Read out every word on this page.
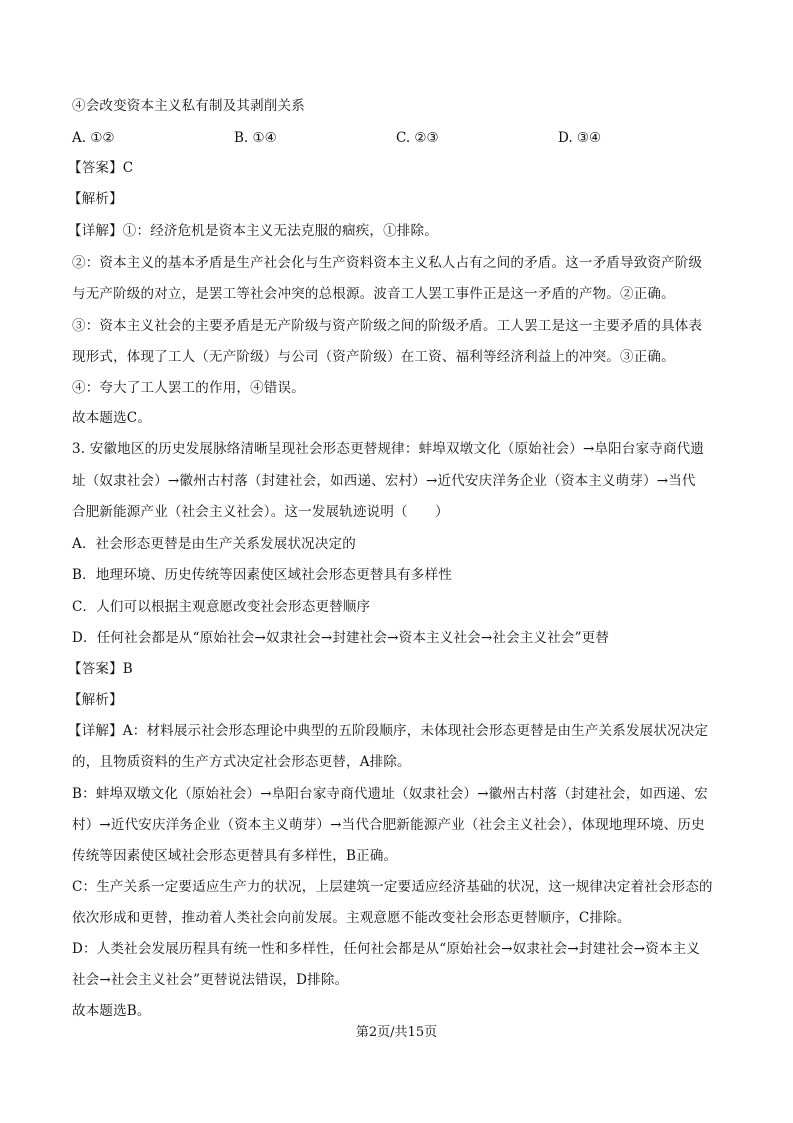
④会改变资本主义私有制及其剥削关系
A. ①②	B. ①④	C. ②③	D. ③④
【答案】C
【解析】
【详解】①：经济危机是资本主义无法克服的痼疾，①排除。
②：资本主义的基本矛盾是生产社会化与生产资料资本主义私人占有之间的矛盾。这一矛盾导致资产阶级
与无产阶级的对立，是罢工等社会冲突的总根源。波音工人罢工事件正是这一矛盾的产物。②正确。
③：资本主义社会的主要矛盾是无产阶级与资产阶级之间的阶级矛盾。工人罢工是这一主要矛盾的具体表
现形式，体现了工人（无产阶级）与公司（资产阶级）在工资、福利等经济利益上的冲突。③正确。
④：夸大了工人罢工的作用，④错误。
故本题选C。
3. 安徽地区的历史发展脉络清晰呈现社会形态更替规律：蚌埠双墩文化（原始社会）→阜阳台家寺商代遗
址（奴隶社会）→徽州古村落（封建社会，如西递、宏村）→近代安庆洋务企业（资本主义萌芽）→当代
合肥新能源产业（社会主义社会）。这一发展轨迹说明（　　）
A．社会形态更替是由生产关系发展状况决定的
B．地理环境、历史传统等因素使区域社会形态更替具有多样性
C．人们可以根据主观意愿改变社会形态更替顺序
D．任何社会都是从“原始社会→奴隶社会→封建社会→资本主义社会→社会主义社会”更替
【答案】B
【解析】
【详解】A：材料展示社会形态理论中典型的五阶段顺序，未体现社会形态更替是由生产关系发展状况决定
的，且物质资料的生产方式决定社会形态更替，A排除。
B：蚌埠双墩文化（原始社会）→阜阳台家寺商代遗址（奴隶社会）→徽州古村落（封建社会，如西递、宏
村）→近代安庆洋务企业（资本主义萌芽）→当代合肥新能源产业（社会主义社会），体现地理环境、历史
传统等因素使区域社会形态更替具有多样性，B正确。
C：生产关系一定要适应生产力的状况，上层建筑一定要适应经济基础的状况，这一规律决定着社会形态的
依次形成和更替，推动着人类社会向前发展。主观意愿不能改变社会形态更替顺序，C排除。
D：人类社会发展历程具有统一性和多样性，任何社会都是从“原始社会→奴隶社会→封建社会→资本主义
社会→社会主义社会”更替说法错误，D排除。
故本题选B。
第2页/共15页
